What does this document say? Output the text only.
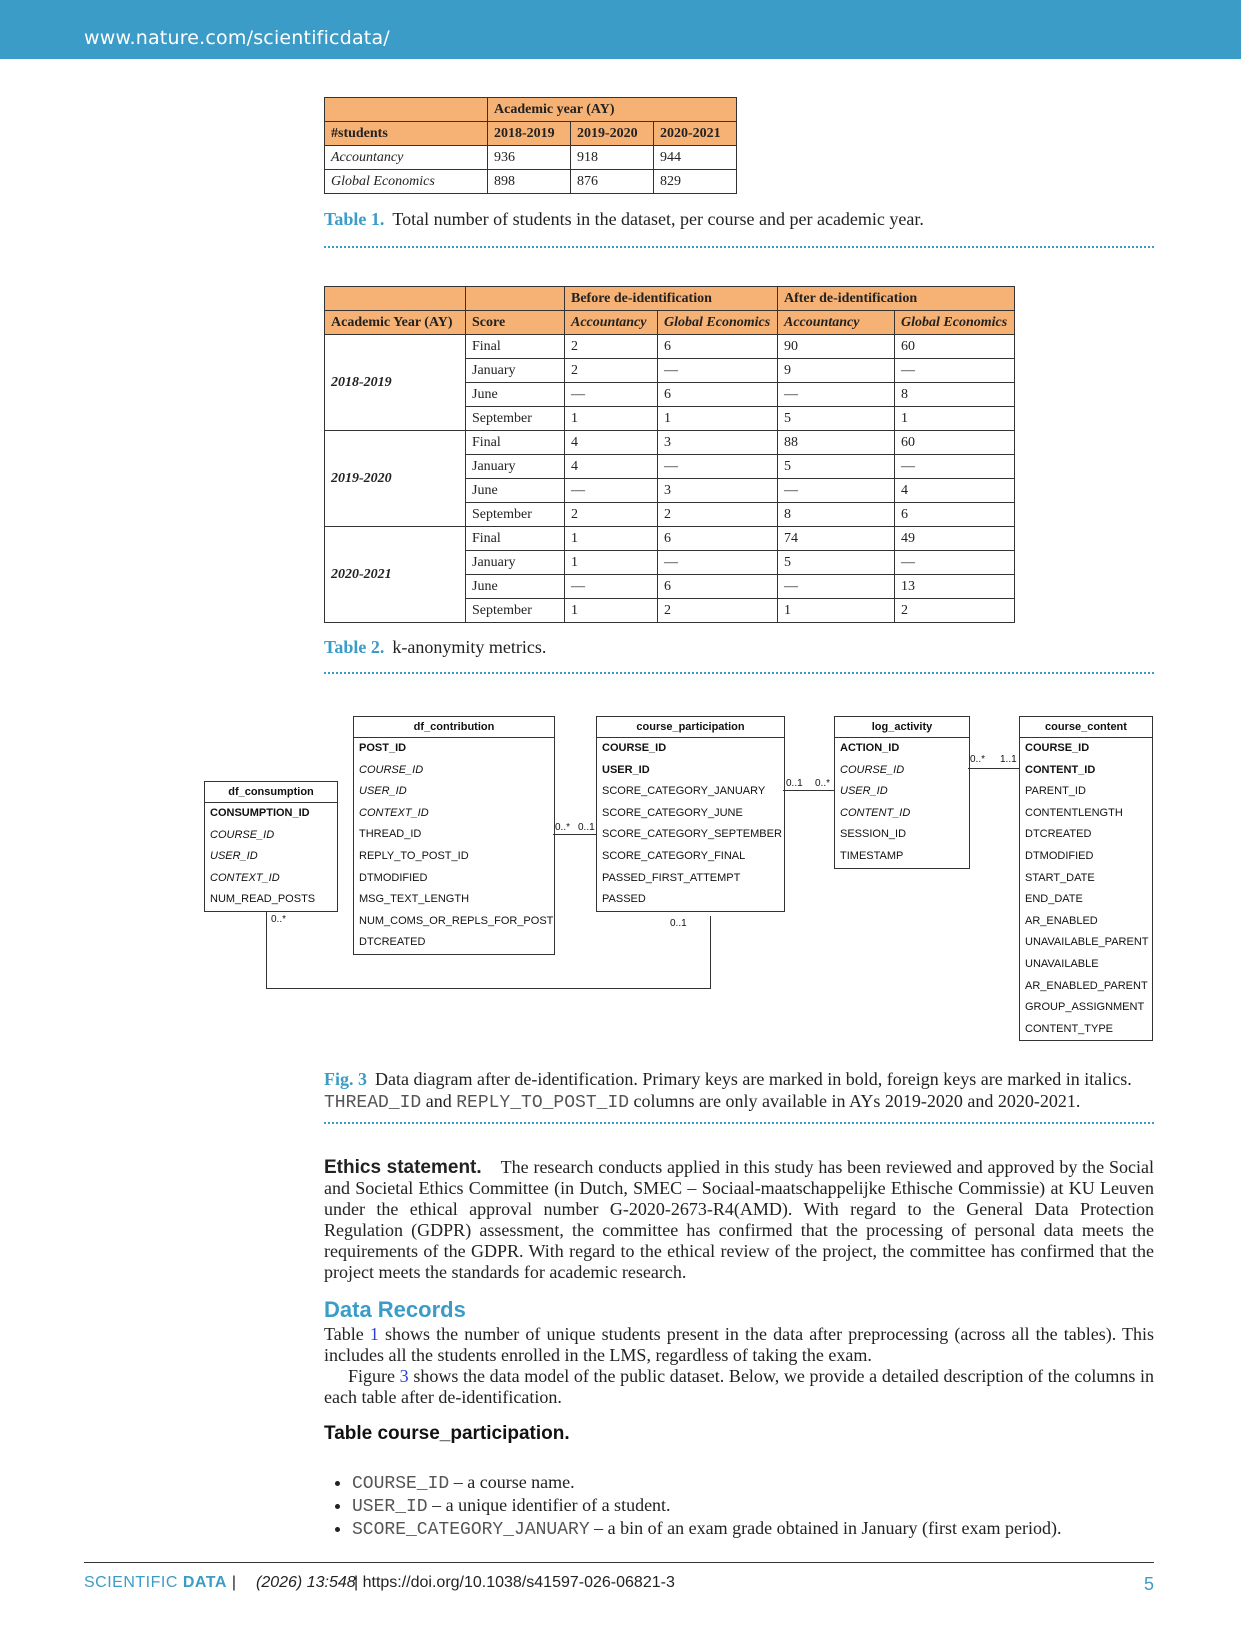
www.nature.com/scientificdata/
	Academic year (AY)		
#students	2018-2019	2019-2020	2020-2021
Accountancy	936	918	944
Global Economics	898	876	829
Table 1. Total number of students in the dataset, per course and per academic year.
		Before de-identification		After de-identification	
Academic Year (AY)	Score	Accountancy	Global Economics	Accountancy	Global Economics
2018-2019	Final	2	6	90	60
	January	2	—	9	—
	June	—	6	—	8
	September	1	1	5	1
2019-2020	Final	4	3	88	60
	January	4	—	5	—
	June	—	3	—	4
	September	2	2	8	6
2020-2021	Final	1	6	74	49
	January	1	—	5	—
	June	—	6	—	13
	September	1	2	1	2
Table 2. k-anonymity metrics.
df_consumption
CONSUMPTION_ID
COURSE_ID
USER_ID
CONTEXT_ID
NUM_READ_POSTS
df_contribution
POST_ID
COURSE_ID
USER_ID
CONTEXT_ID
THREAD_ID
REPLY_TO_POST_ID
DTMODIFIED
MSG_TEXT_LENGTH
NUM_COMS_OR_REPLS_FOR_POST
DTCREATED
course_participation
COURSE_ID
USER_ID
SCORE_CATEGORY_JANUARY
SCORE_CATEGORY_JUNE
SCORE_CATEGORY_SEPTEMBER
SCORE_CATEGORY_FINAL
PASSED_FIRST_ATTEMPT
PASSED
log_activity
ACTION_ID
COURSE_ID
USER_ID
CONTENT_ID
SESSION_ID
TIMESTAMP
course_content
COURSE_ID
CONTENT_ID
PARENT_ID
CONTENTLENGTH
DTCREATED
DTMODIFIED
START_DATE
END_DATE
AR_ENABLED
UNAVAILABLE_PARENT
UNAVAILABLE
AR_ENABLED_PARENT
GROUP_ASSIGNMENT
CONTENT_TYPE
0..* 0..1
0..1 0..*
0..* 1..1
0..*	0..1
Fig. 3 Data diagram after de-identification. Primary keys are marked in bold, foreign keys are marked in italics.
THREAD_ID and REPLY_TO_POST_ID columns are only available in AYs 2019-2020 and 2020-2021.
Ethics statement. The research conducts applied in this study has been reviewed and approved by the Social and Societal Ethics Committee (in Dutch, SMEC – Sociaal-maatschappelijke Ethische Commissie) at KU Leuven under the ethical approval number G-2020-2673-R4(AMD). With regard to the General Data Protection Regulation (GDPR) assessment, the committee has confirmed that the processing of personal data meets the requirements of the GDPR. With regard to the ethical review of the project, the committee has confirmed that the project meets the standards for academic research.
Data Records
Table 1 shows the number of unique students present in the data after preprocessing (across all the tables). This includes all the students enrolled in the LMS, regardless of taking the exam.
Figure 3 shows the data model of the public dataset. Below, we provide a detailed description of the columns in each table after de-identification.
Table course_participation.
• COURSE_ID – a course name.
• USER_ID – a unique identifier of a student.
• SCORE_CATEGORY_JANUARY – a bin of an exam grade obtained in January (first exam period).
SCIENTIFIC DATA | (2026) 13:548
| https://doi.org/10.1038/s41597-026-06821-3	5
